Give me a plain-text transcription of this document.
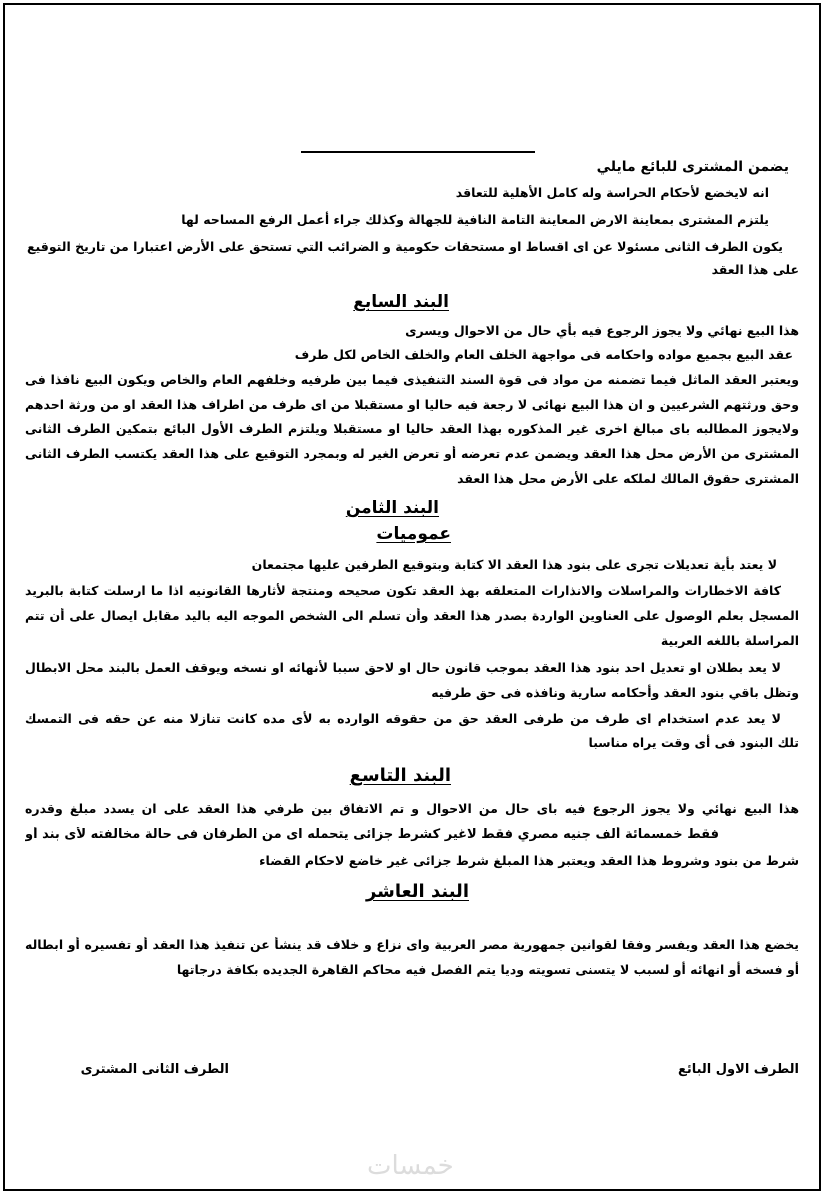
يضمن المشترى للبائع مايلي
انه لايخضع لأحكام الحراسة وله كامل الأهلية للتعاقد
يلتزم المشترى بمعاينة الارض المعاينة التامة النافية للجهالة وكذلك جراء أعمل الرفع المساحه لها
يكون الطرف الثانى مسئولا عن اى اقساط او مستحقات حكومية و الضرائب التي تستحق على الأرض اعتبارا من تاريخ التوقيع
على هذا العقد
البند السابع
هذا البيع نهائي ولا يجوز الرجوع فيه بأي حال من الاحوال ويسرى
عقد البيع بجميع مواده واحكامه فى مواجهة الخلف العام والخلف الخاص لكل طرف
ويعتبر العقد الماثل فيما تضمنه من مواد فى قوة السند التنفيذى فيما بين طرفيه وخلفهم العام والخاص ويكون البيع نافذا فى
وحق ورثتهم الشرعيين و ان هذا البيع نهائى لا رجعة فيه حاليا او مستقبلا من اى طرف من اطراف هذا العقد او من ورثة احدهم
ولايجوز المطالبه باى مبالغ اخرى غير المذكوره بهذا العقد حاليا او مستقبلا ويلتزم الطرف الأول البائع بتمكين الطرف الثانى
المشترى من الأرض محل هذا العقد ويضمن عدم تعرضه أو تعرض الغير له وبمجرد التوقيع على هذا العقد يكتسب الطرف الثانى
المشترى حقوق المالك لملكه على الأرض محل هذا العقد
البند الثامن
عموميات
لا يعتد بأية تعديلات تجرى على بنود هذا العقد الا كتابة وبتوقيع الطرفين عليها مجتمعان
كافة الاخطارات والمراسلات والانذارات المتعلقه بهذ العقد تكون صحيحه ومنتجة لأثارها القانونيه اذا ما ارسلت كتابة بالبريد
المسجل بعلم الوصول على العناوين الواردة بصدر هذا العقد وأن تسلم الى الشخص الموجه اليه باليد مقابل ايصال على أن تتم
المراسلة باللغه العربية
لا يعد بطلان او تعديل احد بنود هذا العقد بموجب قانون حال او لاحق سببا لأنهائه او نسخه ويوقف العمل بالبند محل الابطال
وتظل باقي بنود العقد وأحكامه سارية ونافذه فى حق طرفيه
لا يعد عدم استخدام اى طرف من طرفى العقد حق من حقوقه الوارده به لأى مده كانت تنازلا منه عن حقه فى التمسك
تلك البنود فى أى وقت يراه مناسبا
البند التاسع
هذا البيع نهائي ولا يجوز الرجوع فيه باى حال من الاحوال و تم الاتفاق بين طرفي هذا العقد على ان يسدد مبلغ وقدره
فقط خمسمائة ألف جنيه مصري فقط لاغير كشرط جزائى يتحمله اى من الطرفان فى حالة مخالفته لأى بند أو
شرط من بنود وشروط هذا العقد ويعتبر هذا المبلغ شرط جزائى غير خاضع لاحكام القضاء
البند العاشر
يخضع هذا العقد ويفسر وفقا لقوانين جمهورية مصر العربية واى نزاع و خلاف قد ينشأ عن تنفيذ هذا العقد أو تفسيره أو ابطاله
أو فسخه أو انهائه أو لسبب لا يتسنى تسويته وديا يتم الفصل فيه محاكم القاهرة الجديده بكافة درجاتها
الطرف الاول البائع
الطرف الثانى المشترى
خمسات
